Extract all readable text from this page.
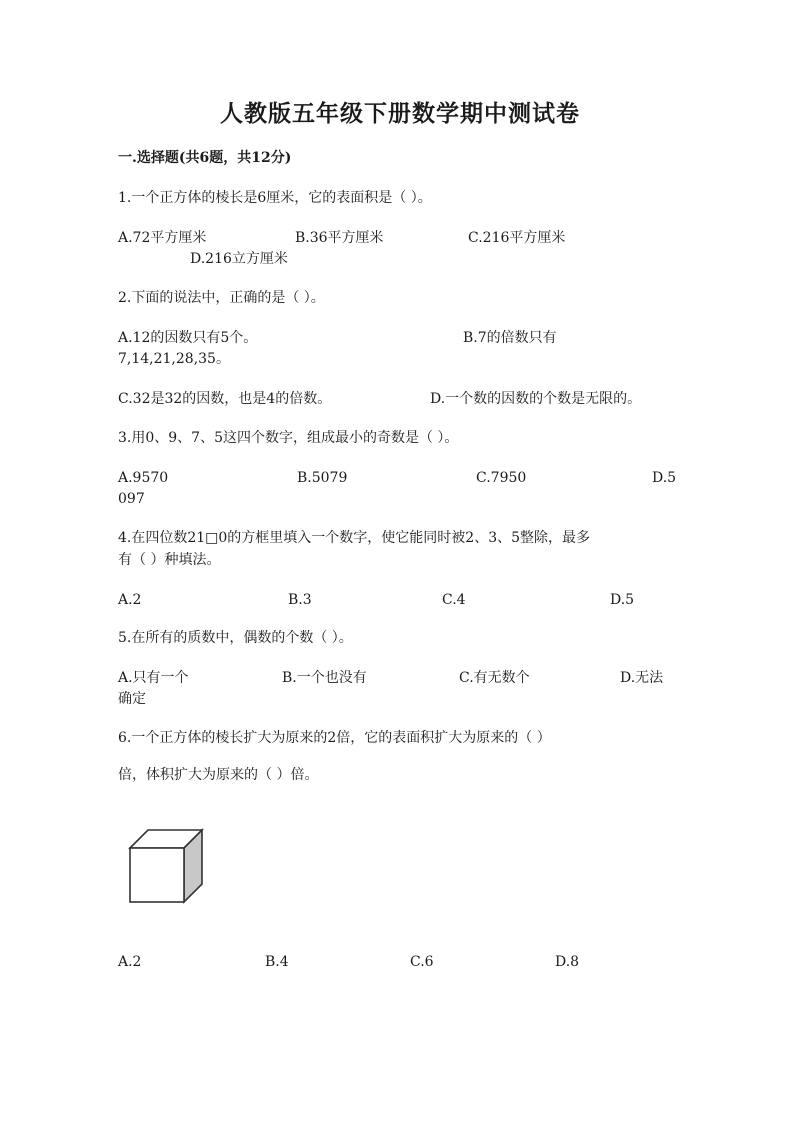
人教版五年级下册数学期中测试卷
一.选择题(共6题，共12分)
1.一个正方体的棱长是6厘米，它的表面积是（ ）。
A.72平方厘米	B.36平方厘米	C.216平方厘米
D.216立方厘米
2.下面的说法中，正确的是（ ）。
A.12的因数只有5个。	B.7的倍数只有
7,14,21,28,35。
C.32是32的因数，也是4的倍数。	D.一个数的因数的个数是无限的。
3.用0、9、7、5这四个数字，组成最小的奇数是（ ）。
A.9570	B.5079	C.7950	D.5
097
4.在四位数21□0的方框里填入一个数字，使它能同时被2、3、5整除，最多
有（ ）种填法。
A.2	B.3	C.4	D.5
5.在所有的质数中，偶数的个数（ ）。
A.只有一个	B.一个也没有	C.有无数个	D.无法
确定
6.一个正方体的棱长扩大为原来的2倍，它的表面积扩大为原来的（ ）
倍，体积扩大为原来的（ ）倍。
A.2	B.4	C.6	D.8
